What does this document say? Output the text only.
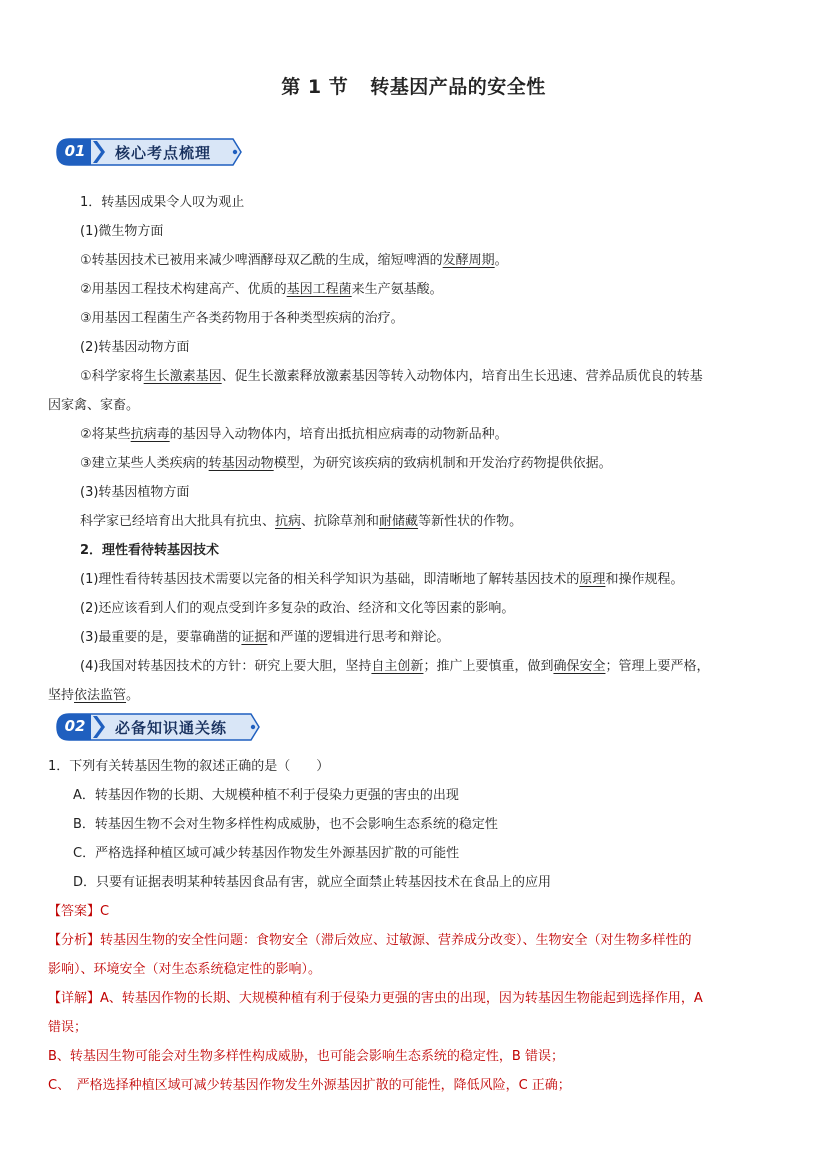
第 1 节 转基因产品的安全性
01	核心考点梳理

1．转基因成果令人叹为观止

(1)微生物方面

①转基因技术已被用来减少啤酒酵母双乙酰的生成，缩短啤酒的发酵周期。

②用基因工程技术构建高产、优质的基因工程菌来生产氨基酸。

③用基因工程菌生产各类药物用于各种类型疾病的治疗。

(2)转基因动物方面

①科学家将生长激素基因、促生长激素释放激素基因等转入动物体内，培育出生长迅速、营养品质优良的转基

因家禽、家畜。

②将某些抗病毒的基因导入动物体内，培育出抵抗相应病毒的动物新品种。

③建立某些人类疾病的转基因动物模型，为研究该疾病的致病机制和开发治疗药物提供依据。

(3)转基因植物方面

科学家已经培育出大批具有抗虫、抗病、抗除草剂和耐储藏等新性状的作物。

2．理性看待转基因技术

(1)理性看待转基因技术需要以完备的相关科学知识为基础，即清晰地了解转基因技术的原理和操作规程。

(2)还应该看到人们的观点受到许多复杂的政治、经济和文化等因素的影响。

(3)最重要的是，要靠确凿的证据和严谨的逻辑进行思考和辩论。

(4)我国对转基因技术的方针：研究上要大胆，坚持自主创新；推广上要慎重，做到确保安全；管理上要严格，

坚持依法监管。

02	必备知识通关练

1．下列有关转基因生物的叙述正确的是（　　）

A．转基因作物的长期、大规模种植不利于侵染力更强的害虫的出现

B．转基因生物不会对生物多样性构成威胁，也不会影响生态系统的稳定性

C．严格选择种植区域可减少转基因作物发生外源基因扩散的可能性

D．只要有证据表明某种转基因食品有害，就应全面禁止转基因技术在食品上的应用

【答案】C

【分析】转基因生物的安全性问题：食物安全（滞后效应、过敏源、营养成分改变）、生物安全（对生物多样性的

影响）、环境安全（对生态系统稳定性的影响）。

【详解】A、转基因作物的长期、大规模种植有利于侵染力更强的害虫的出现，因为转基因生物能起到选择作用，A

错误；

B、转基因生物可能会对生物多样性构成威胁，也可能会影响生态系统的稳定性，B 错误；

C、　严格选择种植区域可减少转基因作物发生外源基因扩散的可能性，降低风险，C 正确；
